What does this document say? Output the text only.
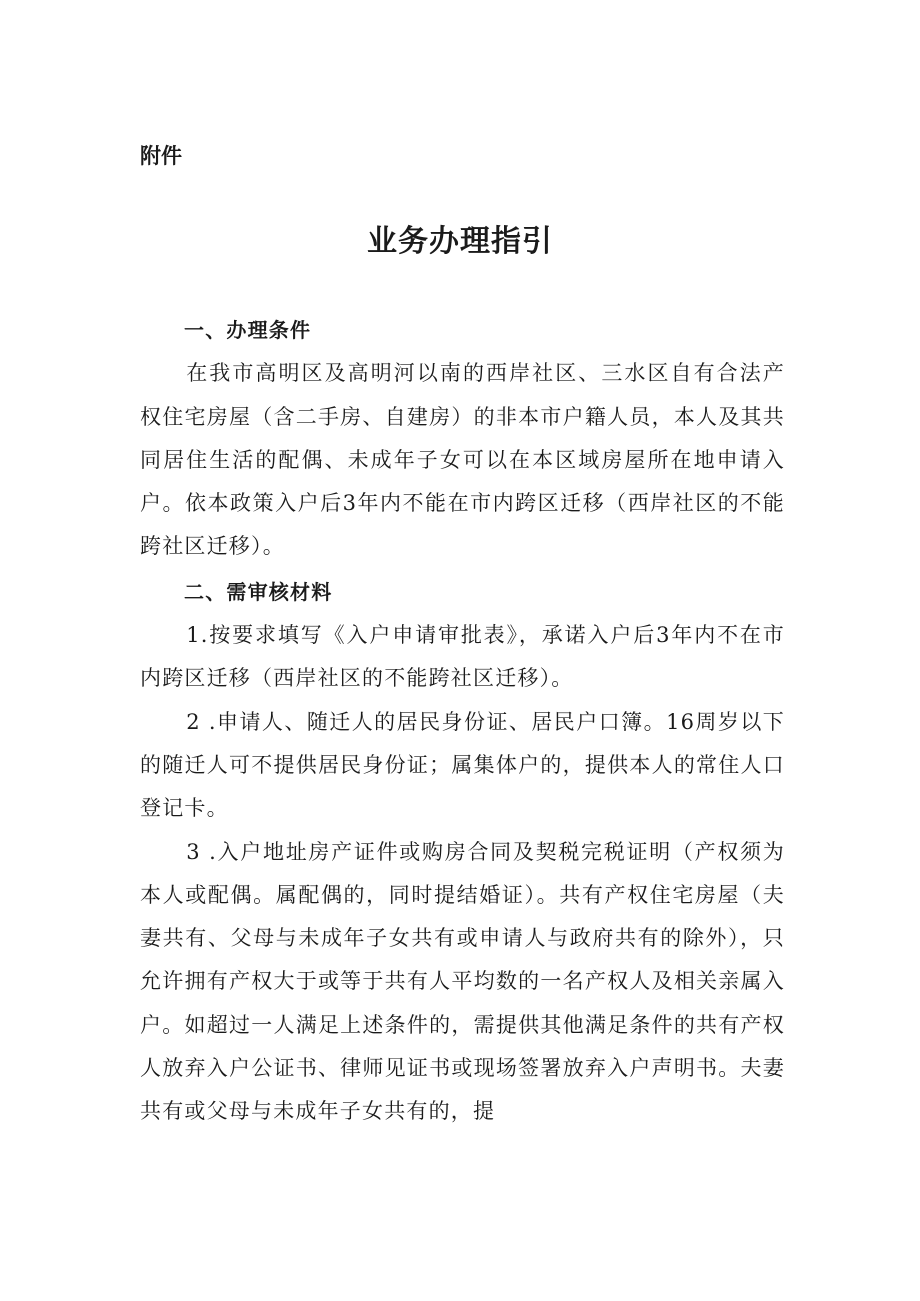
附件
业务办理指引

一、办理条件

在我市高明区及高明河以南的西岸社区、三水区自有合法产权住宅房屋（含二手房、自建房）的非本市户籍人员，本人及其共同居住生活的配偶、未成年子女可以在本区域房屋所在地申请入户。依本政策入户后3年内不能在市内跨区迁移（西岸社区的不能跨社区迁移）。

二、需审核材料

1.按要求填写《入户申请审批表》，承诺入户后3年内不在市内跨区迁移（西岸社区的不能跨社区迁移）。

2 .申请人、随迁人的居民身份证、居民户口簿。16周岁以下的随迁人可不提供居民身份证；属集体户的，提供本人的常住人口登记卡。

3 .入户地址房产证件或购房合同及契税完税证明（产权须为本人或配偶。属配偶的，同时提结婚证）。共有产权住宅房屋（夫妻共有、父母与未成年子女共有或申请人与政府共有的除外），只允许拥有产权大于或等于共有人平均数的一名产权人及相关亲属入户。如超过一人满足上述条件的，需提供其他满足条件的共有产权人放弃入户公证书、律师见证书或现场签署放弃入户声明书。夫妻共有或父母与未成年子女共有的，提
